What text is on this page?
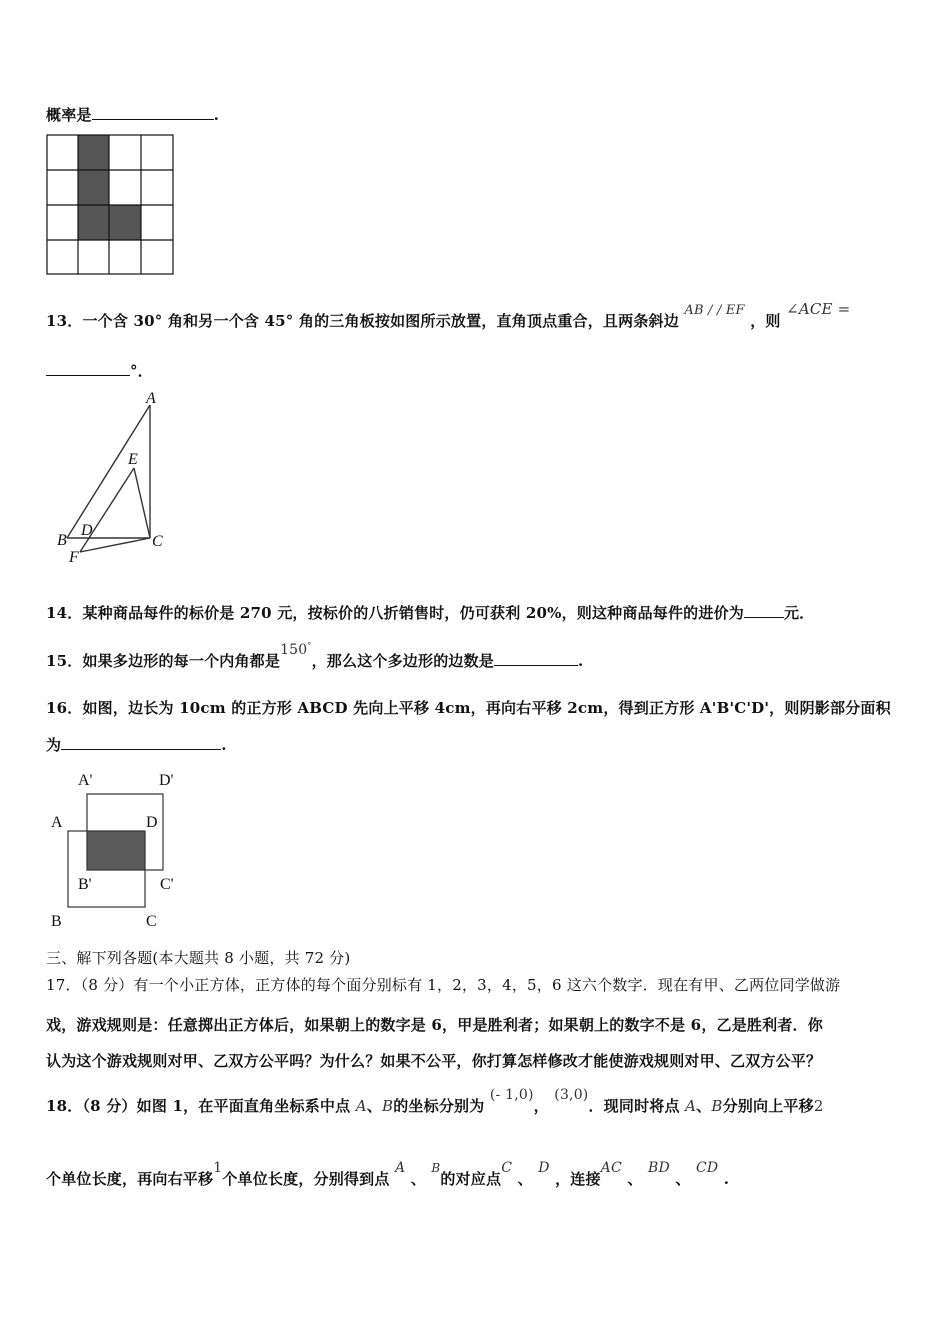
概率是	.
13．一个含 30° 角和另一个含 45° 角的三角板按如图所示放置，直角顶点重合，且两条斜边 AB / / EF ，则 ∠ACE =
°．
A
E
B
D
F
C
14．某种商品每件的标价是 270 元，按标价的八折销售时，仍可获利 20%，则这种商品每件的进价为	元．
15．如果多边形的每一个内角都是150°，那么这个多边形的边数是	.
16．如图，边长为 10cm 的正方形 ABCD 先向上平移 4cm，再向右平移 2cm，得到正方形 A'B'C'D'，则阴影部分面积
为	.
A'	D'
A	D
B'	C'
B	C
三、解下列各题(本大题共 8 小题，共 72 分)
17．（8 分）有一个小正方体，正方体的每个面分别标有 1，2，3，4，5，6 这六个数字．现在有甲、乙两位同学做游
戏，游戏规则是：任意掷出正方体后，如果朝上的数字是 6，甲是胜利者；如果朝上的数字不是 6，乙是胜利者．你
认为这个游戏规则对甲、乙双方公平吗？为什么？如果不公平，你打算怎样修改才能使游戏规则对甲、乙双方公平？
18．（8 分）如图 1，在平面直角坐标系中点 A、B的坐标分别为 (- 1,0)， (3,0)．现同时将点 A、B分别向上平移2
个单位长度，再向右平移1个单位长度，分别得到点 A 、 $^B$的对应点C 、 D ，连接AC 、 BD 、 CD .
